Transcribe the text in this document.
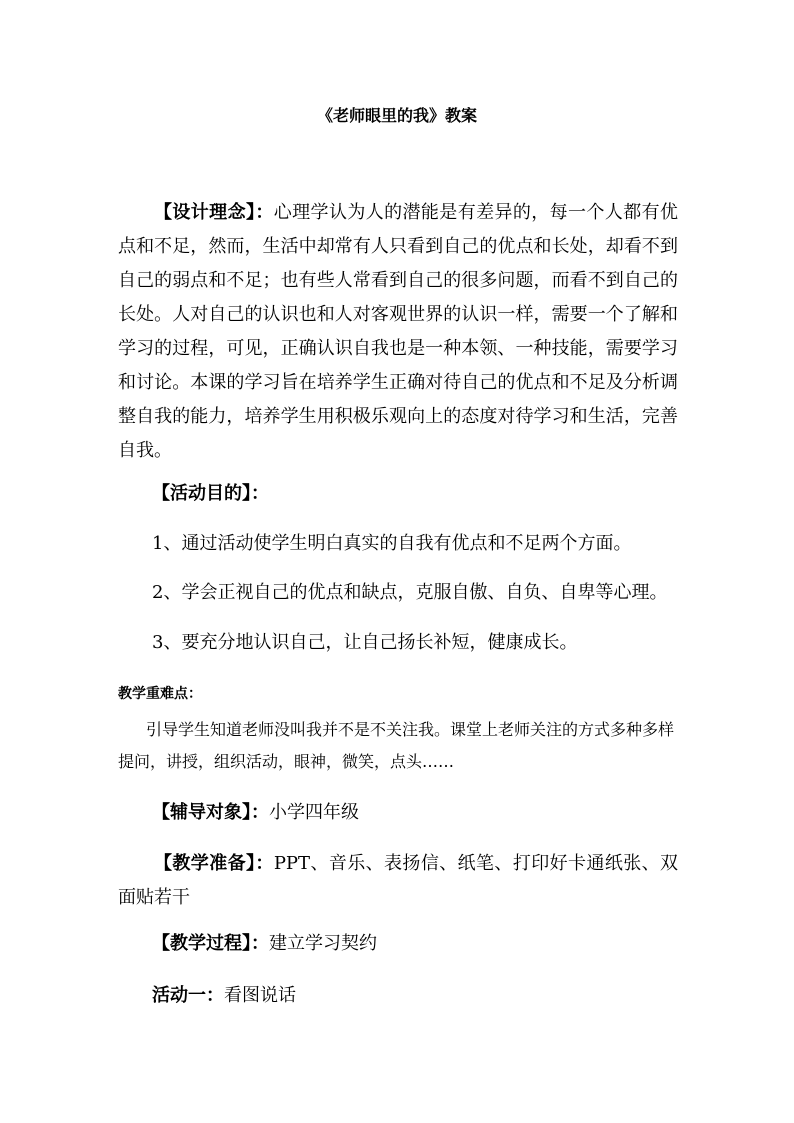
《老师眼里的我》教案

【设计理念】：心理学认为人的潜能是有差异的，每一个人都有优点和不足，然而，生活中却常有人只看到自己的优点和长处，却看不到自己的弱点和不足；也有些人常看到自己的很多问题，而看不到自己的长处。人对自己的认识也和人对客观世界的认识一样，需要一个了解和学习的过程，可见，正确认识自我也是一种本领、一种技能，需要学习和讨论。本课的学习旨在培养学生正确对待自己的优点和不足及分析调整自我的能力，培养学生用积极乐观向上的态度对待学习和生活，完善自我。

【活动目的】：
1、通过活动使学生明白真实的自我有优点和不足两个方面。
2、学会正视自己的优点和缺点，克服自傲、自负、自卑等心理。
3、要充分地认识自己，让自己扬长补短，健康成长。
教学重难点：
引导学生知道老师没叫我并不是不关注我。课堂上老师关注的方式多种多样提问，讲授，组织活动，眼神，微笑，点头……
【辅导对象】：小学四年级

【教学准备】：PPT、音乐、表扬信、纸笔、打印好卡通纸张、双面贴若干

【教学过程】：建立学习契约
活动一：看图说话
